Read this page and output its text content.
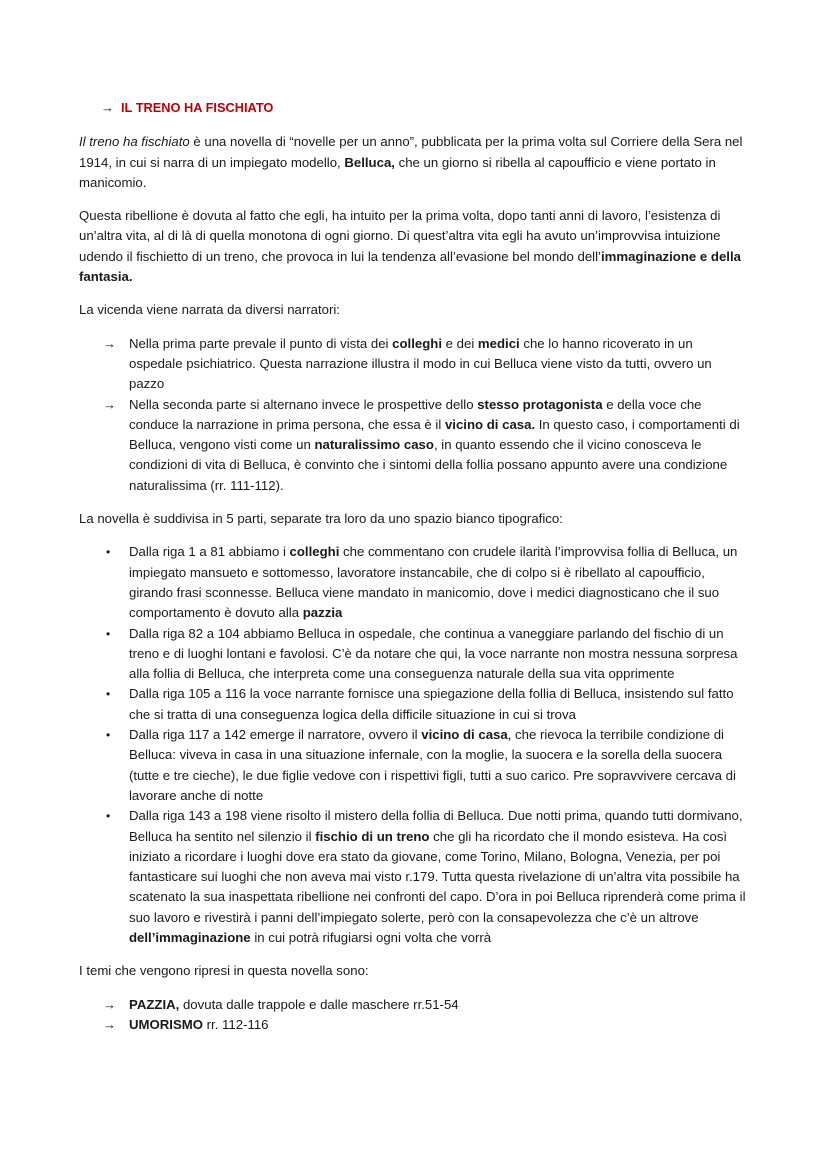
→ IL TRENO HA FISCHIATO

Il treno ha fischiato è una novella di “novelle per un anno”, pubblicata per la prima volta sul Corriere della Sera nel 1914, in cui si narra di un impiegato modello, Belluca, che un giorno si ribella al capoufficio e viene portato in manicomio.

Questa ribellione è dovuta al fatto che egli, ha intuito per la prima volta, dopo tanti anni di lavoro, l’esistenza di un’altra vita, al di là di quella monotona di ogni giorno. Di quest’altra vita egli ha avuto un’improvvisa intuizione udendo il fischietto di un treno, che provoca in lui la tendenza all’evasione bel mondo dell’immaginazione e della fantasia.

La vicenda viene narrata da diversi narratori:

→ Nella prima parte prevale il punto di vista dei colleghi e dei medici che lo hanno ricoverato in un ospedale psichiatrico. Questa narrazione illustra il modo in cui Belluca viene visto da tutti, ovvero un pazzo
→ Nella seconda parte si alternano invece le prospettive dello stesso protagonista e della voce che conduce la narrazione in prima persona, che essa è il vicino di casa. In questo caso, i comportamenti di Belluca, vengono visti come un naturalissimo caso, in quanto essendo che il vicino conosceva le condizioni di vita di Belluca, è convinto che i sintomi della follia possano appunto avere una condizione naturalissima (rr. 111-112).

La novella è suddivisa in 5 parti, separate tra loro da uno spazio bianco tipografico:

• Dalla riga 1 a 81 abbiamo i colleghi che commentano con crudele ilarità l’improvvisa follia di Belluca, un impiegato mansueto e sottomesso, lavoratore instancabile, che di colpo si è ribellato al capoufficio, girando frasi sconnesse. Belluca viene mandato in manicomio, dove i medici diagnosticano che il suo comportamento è dovuto alla pazzia
• Dalla riga 82 a 104 abbiamo Belluca in ospedale, che continua a vaneggiare parlando del fischio di un treno e di luoghi lontani e favolosi. C’è da notare che qui, la voce narrante non mostra nessuna sorpresa alla follia di Belluca, che interpreta come una conseguenza naturale della sua vita opprimente
• Dalla riga 105 a 116 la voce narrante fornisce una spiegazione della follia di Belluca, insistendo sul fatto che si tratta di una conseguenza logica della difficile situazione in cui si trova
• Dalla riga 117 a 142 emerge il narratore, ovvero il vicino di casa, che rievoca la terribile condizione di Belluca: viveva in casa in una situazione infernale, con la moglie, la suocera e la sorella della suocera (tutte e tre cieche), le due figlie vedove con i rispettivi figli, tutti a suo carico. Pre sopravvivere cercava di lavorare anche di notte
• Dalla riga 143 a 198 viene risolto il mistero della follia di Belluca. Due notti prima, quando tutti dormivano, Belluca ha sentito nel silenzio il fischio di un treno che gli ha ricordato che il mondo esisteva. Ha così iniziato a ricordare i luoghi dove era stato da giovane, come Torino, Milano, Bologna, Venezia, per poi fantasticare sui luoghi che non aveva mai visto r.179. Tutta questa rivelazione di un’altra vita possibile ha scatenato la sua inaspettata ribellione nei confronti del capo. D’ora in poi Belluca riprenderà come prima il suo lavoro e rivestirà i panni dell’impiegato solerte, però con la consapevolezza che c’è un altrove dell’immaginazione in cui potrà rifugiarsi ogni volta che vorrà

I temi che vengono ripresi in questa novella sono:

→ PAZZIA, dovuta dalle trappole e dalle maschere rr.51-54
→ UMORISMO rr. 112-116
